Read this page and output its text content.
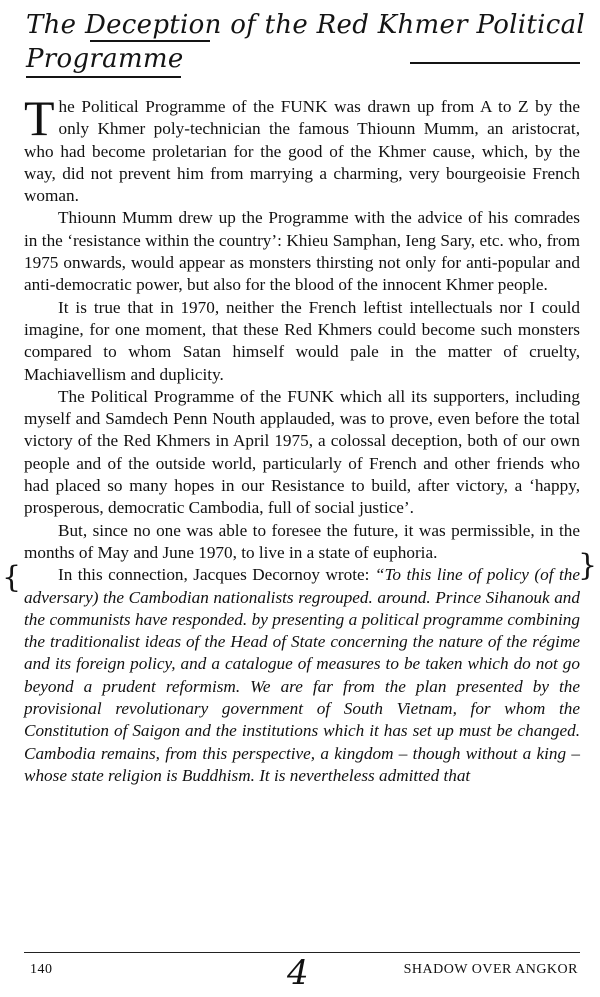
The Deception of the Red Khmer Political
Programme

The Political Programme of the FUNK was drawn up from A to Z by the only Khmer poly-technician the famous Thiounn Mumm, an aristocrat, who had become proletarian for the good of the Khmer cause, which, by the way, did not prevent him from marrying a charming, very bourgeoisie French woman.

Thiounn Mumm drew up the Programme with the advice of his comrades in the ‘resistance within the country’: Khieu Samphan, Ieng Sary, etc. who, from 1975 onwards, would appear as monsters thirsting not only for anti-popular and anti-democratic power, but also for the blood of the innocent Khmer people.

It is true that in 1970, neither the French leftist intellectuals nor I could imagine, for one moment, that these Red Khmers could become such monsters compared to whom Satan himself would pale in the matter of cruelty, Machiavellism and duplicity.

The Political Programme of the FUNK which all its supporters, including myself and Samdech Penn Nouth applauded, was to prove, even before the total victory of the Red Khmers in April 1975, a colossal deception, both of our own people and of the outside world, particularly of French and other friends who had placed so many hopes in our Resistance to build, after victory, a ‘happy, prosperous, democratic Cambodia, full of social justice’.

But, since no one was able to foresee the future, it was permissible, in the months of May and June 1970, to live in a state of euphoria.

In this connection, Jacques Decornoy wrote: “To this line of policy (of the adversary) the Cambodian nationalists regrouped. around. Prince Sihanouk and the communists have responded. by presenting a political programme combining the traditionalist ideas of the Head of State concerning the nature of the régime and its foreign policy, and a catalogue of measures to be taken which do not go beyond a prudent reformism. We are far from the plan presented by the provisional revolutionary government of South Vietnam, for whom the Constitution of Saigon and the institutions which it has set up must be changed. Cambodia remains, from this perspective, a kingdom – though without a king – whose state religion is Buddhism. It is nevertheless admitted that

{	}
140	4	SHADOW OVER ANGKOR
